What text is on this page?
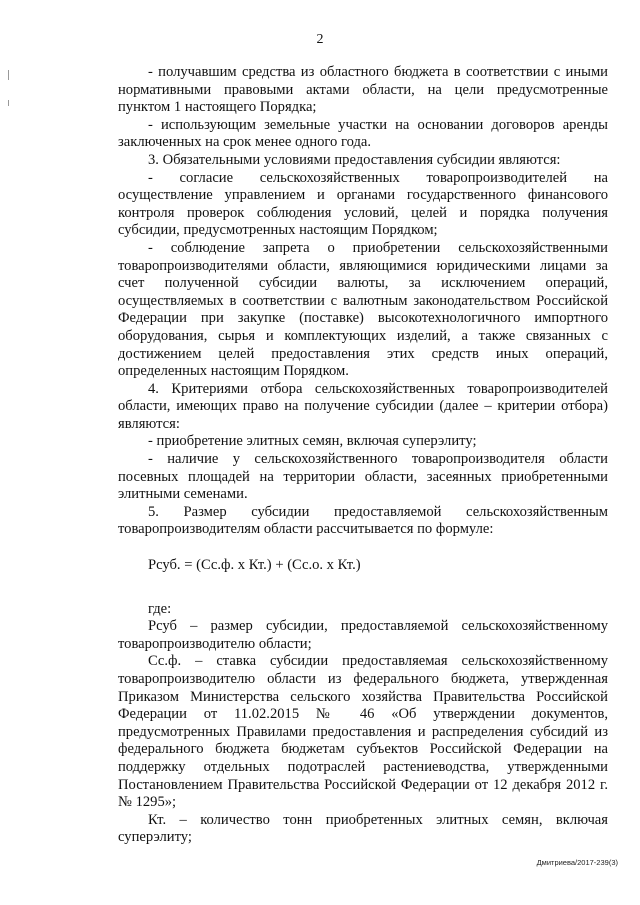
2

- получавшим средства из областного бюджета в соответствии с иными нормативными правовыми актами области, на цели предусмотренные пунктом 1 настоящего Порядка;

- использующим земельные участки на основании договоров аренды заключенных на срок менее одного года.

3. Обязательными условиями предоставления субсидии являются:

- согласие сельскохозяйственных товаропроизводителей на осуществление управлением и органами государственного финансового контроля проверок соблюдения условий, целей и порядка получения субсидии, предусмотренных настоящим Порядком;

- соблюдение запрета о приобретении сельскохозяйственными товаропроизводителями области, являющимися юридическими лицами за счет полученной субсидии валюты, за исключением операций, осуществляемых в соответствии с валютным законодательством Российской Федерации при закупке (поставке) высокотехнологичного импортного оборудования, сырья и комплектующих изделий, а также связанных с достижением целей предоставления этих средств иных операций, определенных настоящим Порядком.

4. Критериями отбора сельскохозяйственных товаропроизводителей области, имеющих право на получение субсидии (далее – критерии отбора) являются:

- приобретение элитных семян, включая суперэлиту;

- наличие у сельскохозяйственного товаропроизводителя области посевных площадей на территории области, засеянных приобретенными элитными семенами.

5. Размер субсидии предоставляемой сельскохозяйственным товаропроизводителям области рассчитывается по формуле:

Pсуб. = (Сс.ф. х Кт.) + (Сс.о. х Кт.)

где:

Pсуб – размер субсидии, предоставляемой сельскохозяйственному товаропроизводителю области;

Сс.ф. – ставка субсидии предоставляемая сельскохозяйственному товаропроизводителю области из федерального бюджета, утвержденная Приказом Министерства сельского хозяйства Правительства Российской Федерации от 11.02.2015 № 46 «Об утверждении документов, предусмотренных Правилами предоставления и распределения субсидий из федерального бюджета бюджетам субъектов Российской Федерации на поддержку отдельных подотраслей растениеводства, утвержденными Постановлением Правительства Российской Федерации от 12 декабря 2012 г. № 1295»;

Кт. – количество тонн приобретенных элитных семян, включая суперэлиту;

Дмитриева/2017-239(3)
